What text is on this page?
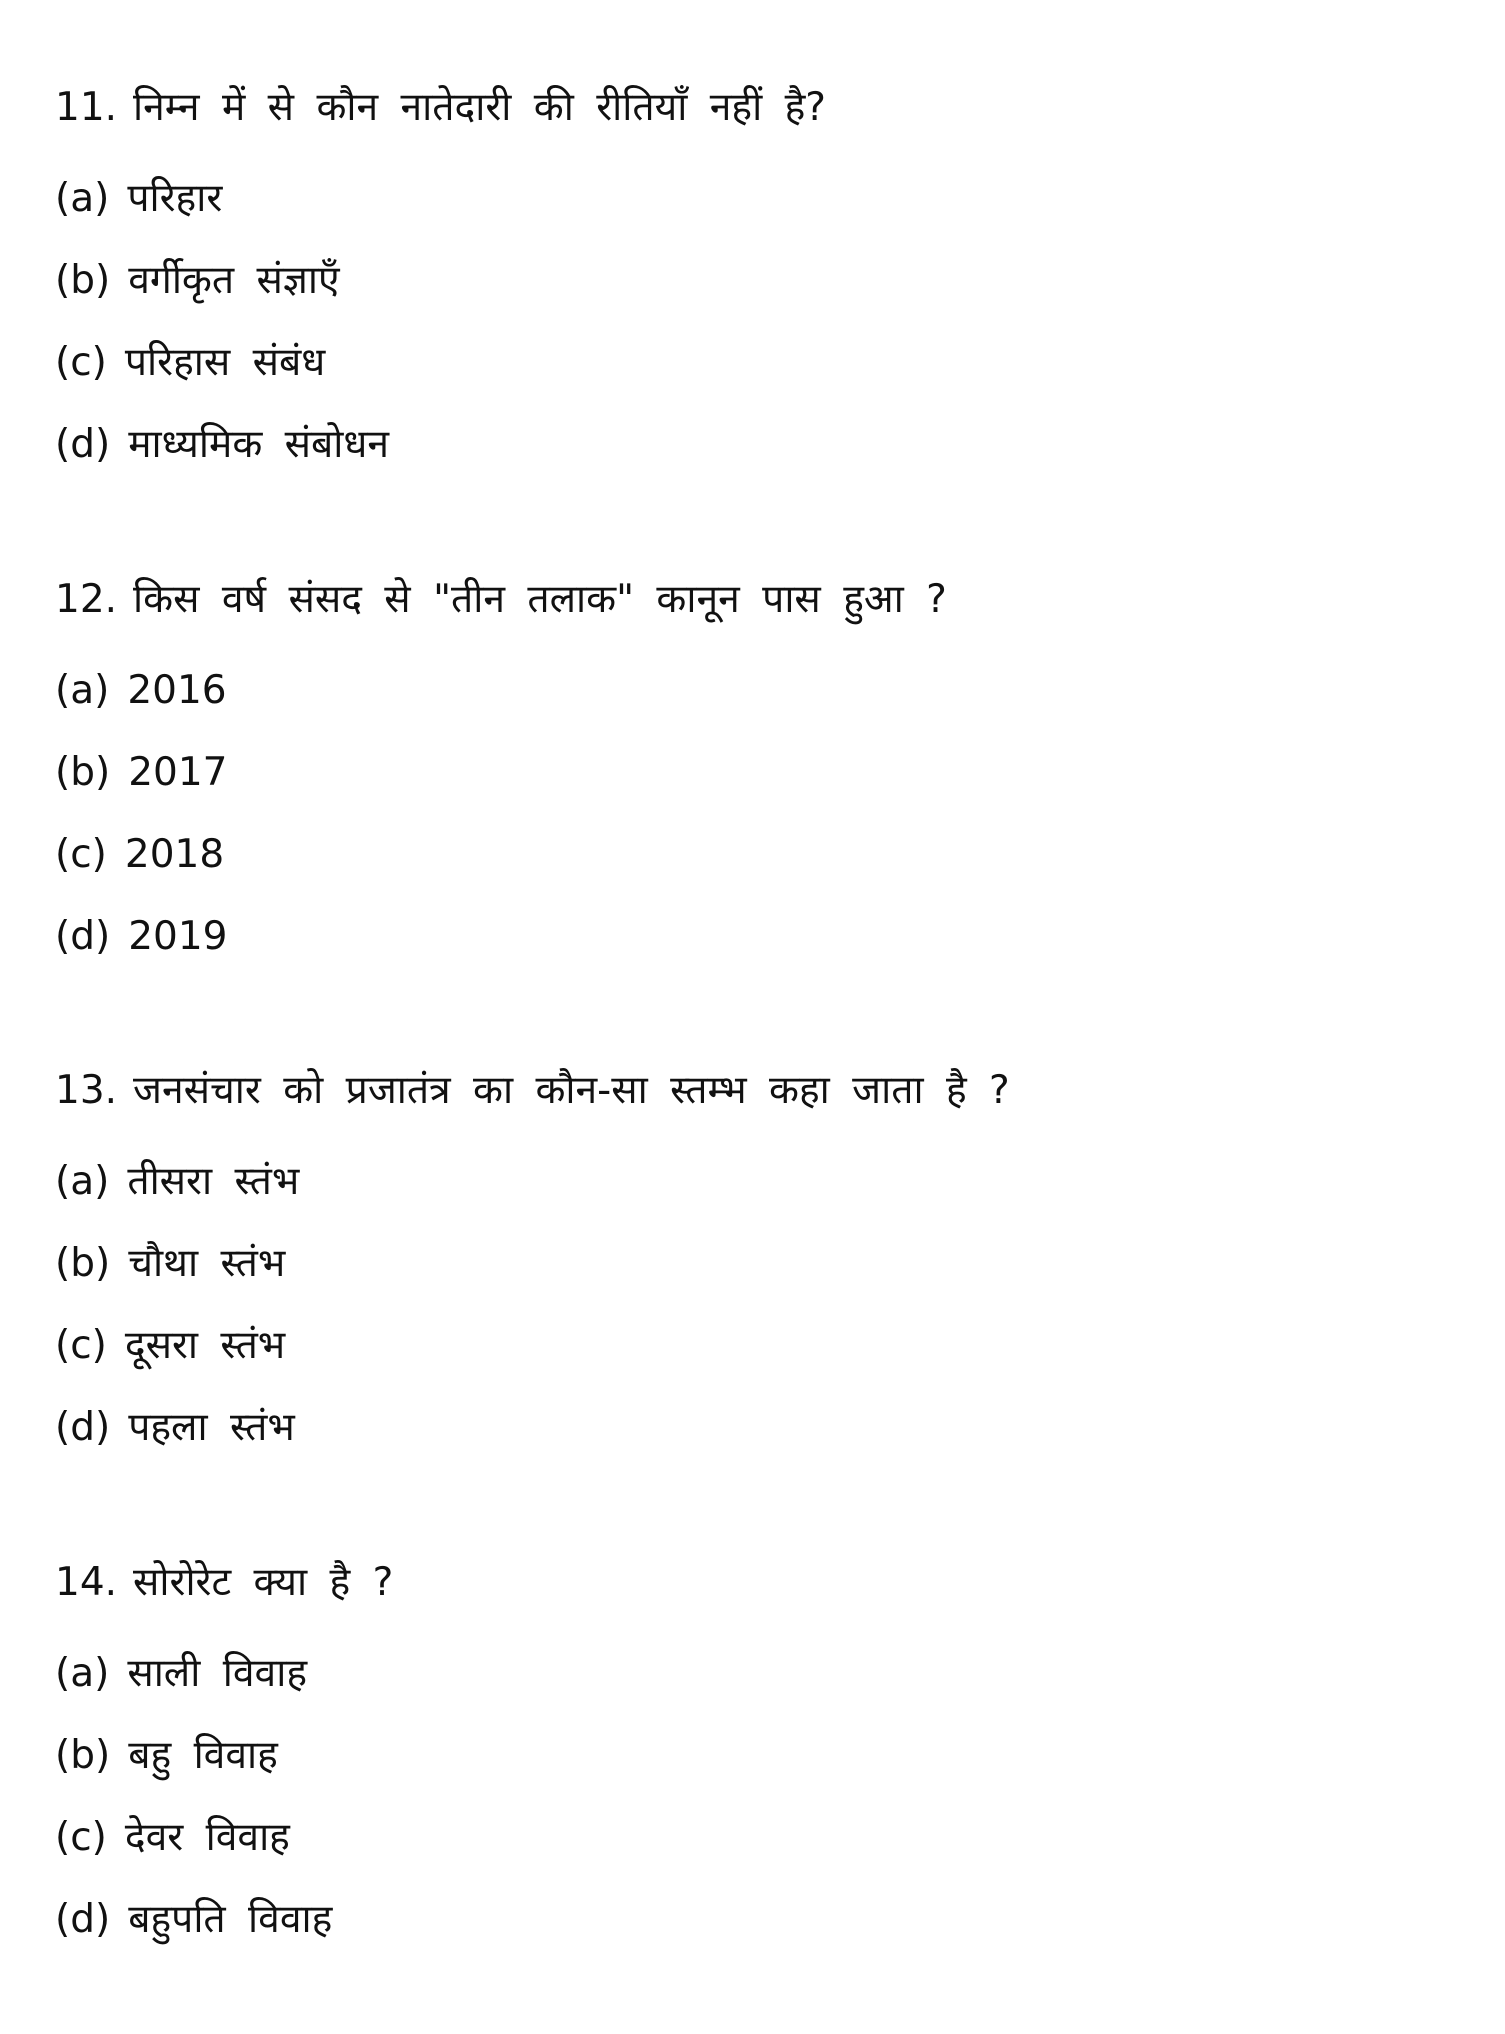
11. निम्न में से कौन नातेदारी की रीतियाँ नहीं है?
(a) परिहार
(b) वर्गीकृत संज्ञाएँ
(c) परिहास संबंध
(d) माध्यमिक संबोधन
12. किस वर्ष संसद से "तीन तलाक" कानून पास हुआ ?
(a) 2016
(b) 2017
(c) 2018
(d) 2019
13. जनसंचार को प्रजातंत्र का कौन-सा स्तम्भ कहा जाता है ?
(a) तीसरा स्तंभ
(b) चौथा स्तंभ
(c) दूसरा स्तंभ
(d) पहला स्तंभ
14. सोरोरेट क्या है ?
(a) साली विवाह
(b) बहु विवाह
(c) देवर विवाह
(d) बहुपति विवाह
